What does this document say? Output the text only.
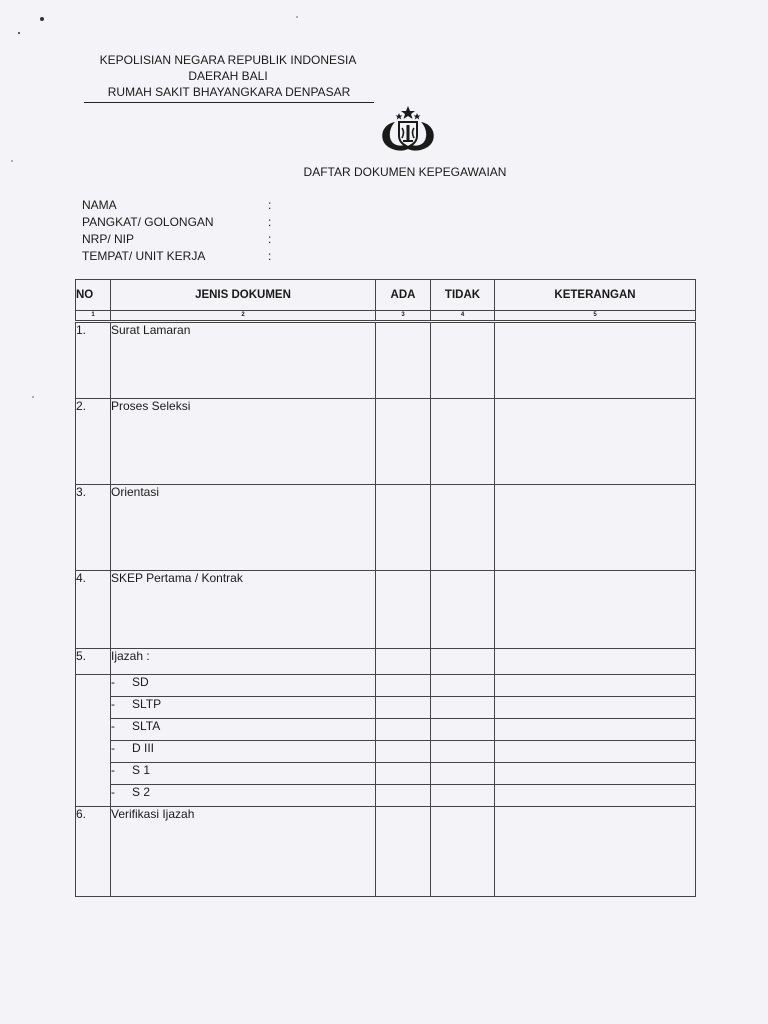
KEPOLISIAN NEGARA REPUBLIK INDONESIA
DAERAH BALI
RUMAH SAKIT BHAYANGKARA DENPASAR
DAFTAR DOKUMEN KEPEGAWAIAN
NAMA	:
PANGKAT/ GOLONGAN	:
NRP/ NIP	:
TEMPAT/ UNIT KERJA	:
NO	JENIS DOKUMEN	ADA	TIDAK	KETERANGAN
1	2	3	4	5
1.	Surat Lamaran			
2.	Proses Seleksi			
3.	Orientasi			
4.	SKEP Pertama / Kontrak			
5.	Ijazah :			
	- SD			
	- SLTP			
	- SLTA			
	- D III			
	- S 1			
	- S 2			
6.	Verifikasi Ijazah			
